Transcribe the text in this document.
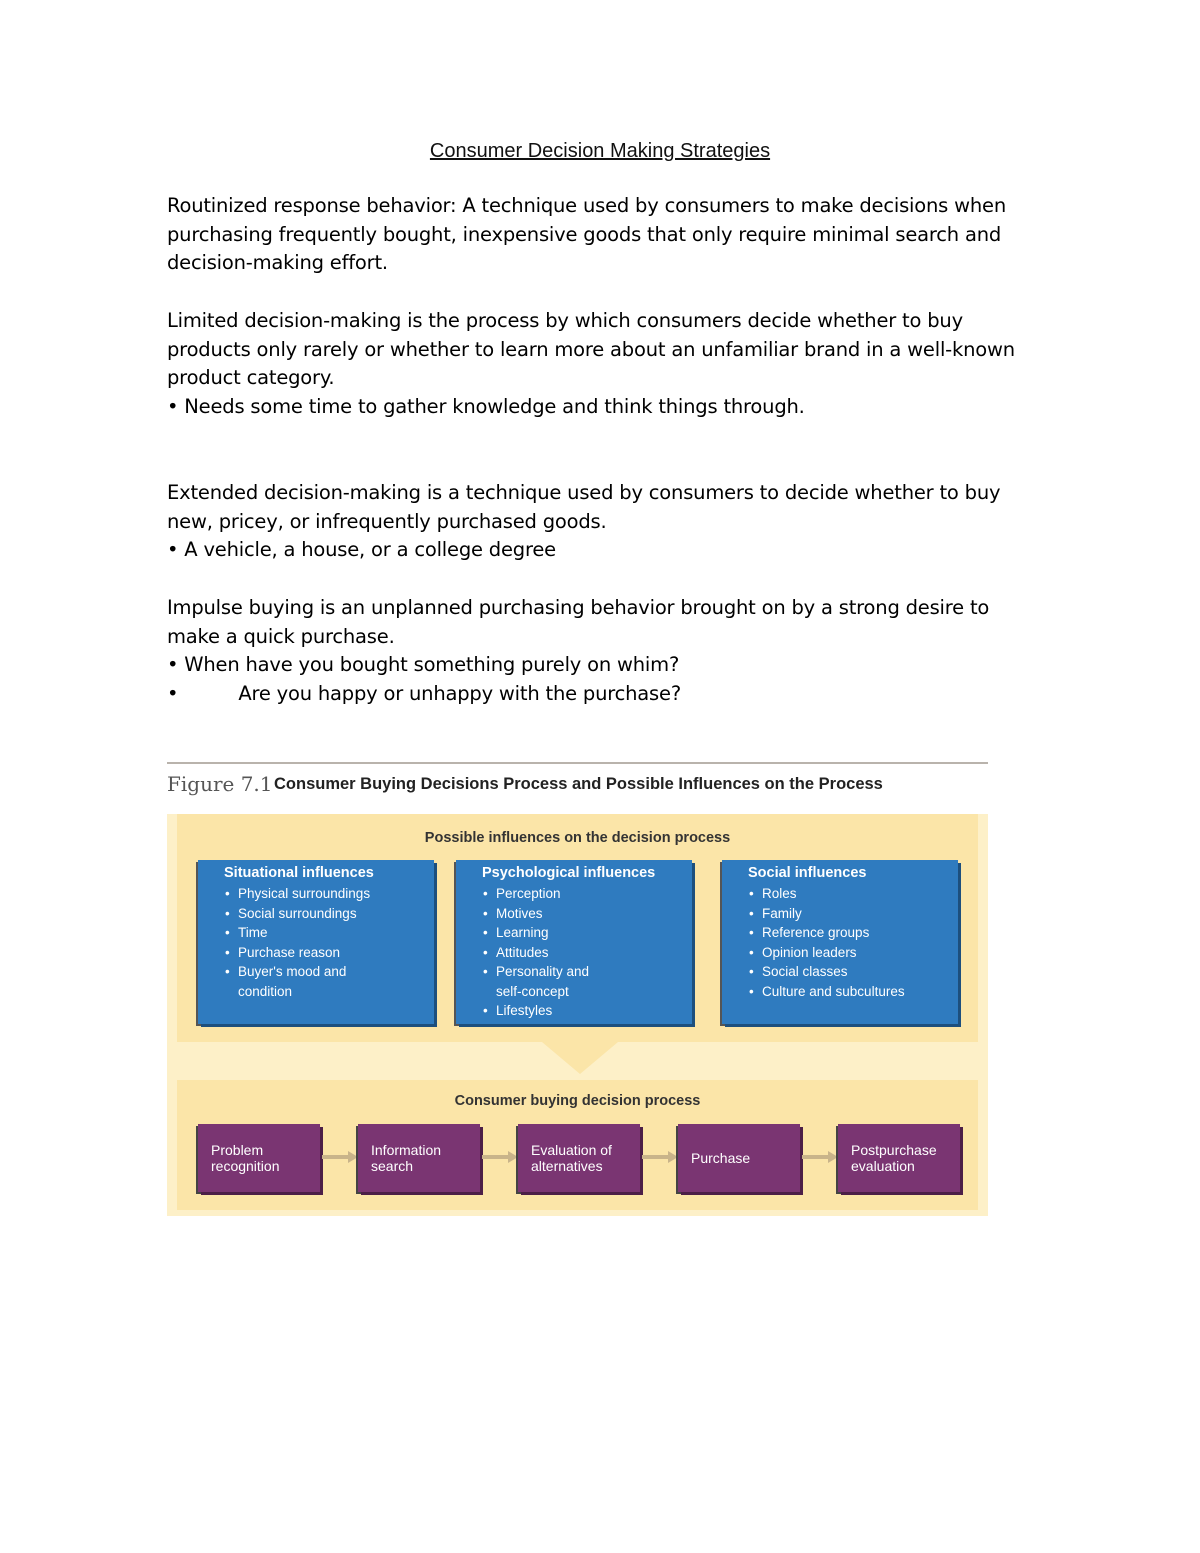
Consumer Decision Making Strategies

Routinized response behavior: A technique used by consumers to make decisions when purchasing frequently bought, inexpensive goods that only require minimal search and decision-making effort.

Limited decision-making is the process by which consumers decide whether to buy products only rarely or whether to learn more about an unfamiliar brand in a well-known product category.

• Needs some time to gather knowledge and think things through.

Extended decision-making is a technique used by consumers to decide whether to buy new, pricey, or infrequently purchased goods.

• A vehicle, a house, or a college degree

Impulse buying is an unplanned purchasing behavior brought on by a strong desire to make a quick purchase.

• When have you bought something purely on whim?

•	Are you happy or unhappy with the purchase?

Figure 7.1 Consumer Buying Decisions Process and Possible Influences on the Process
Possible influences on the decision process
Situational influences
• Physical surroundings
• Social surroundings
• Time
• Purchase reason
• Buyer's mood and
condition
Psychological influences
• Perception
• Motives
• Learning
• Attitudes
• Personality and
self-concept
• Lifestyles
Social influences
• Roles
• Family
• Reference groups
• Opinion leaders
• Social classes
• Culture and subcultures
Consumer buying decision process
Problem recognition
Information search
Evaluation of alternatives	Purchase	Postpurchase evaluation
